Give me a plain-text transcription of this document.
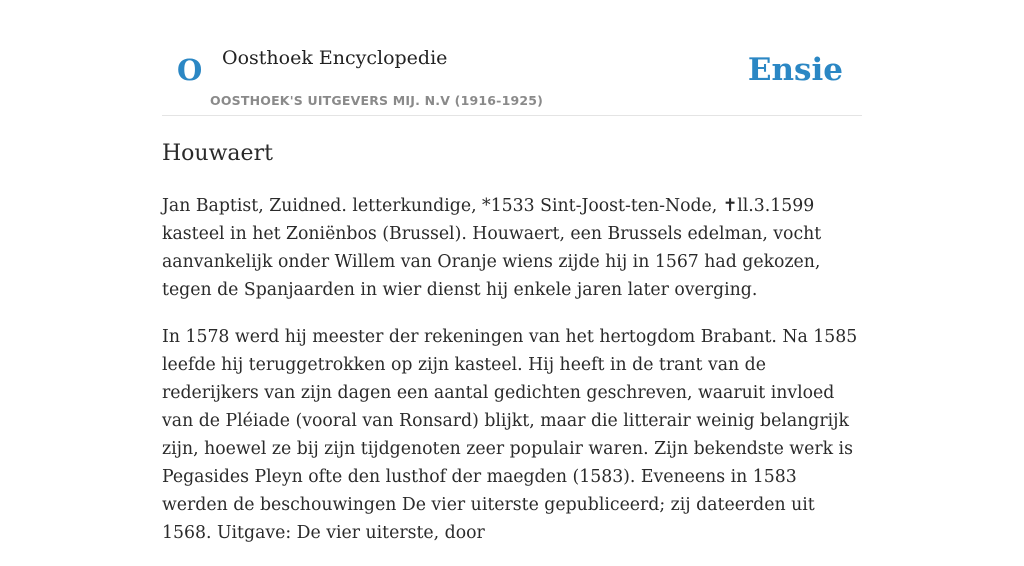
O Oosthoek Encyclopedie
OOSTHOEK'S UITGEVERS MIJ. N.V (1916-1925)
Ensie
Houwaert

Jan Baptist, Zuidned. letterkundige, *1533 Sint-Joost-ten-Node, ✝ll.3.1599 kasteel in het Zoniënbos (Brussel). Houwaert, een Brussels edelman, vocht aanvankelijk onder Willem van Oranje wiens zijde hij in 1567 had gekozen, tegen de Spanjaarden in wier dienst hij enkele jaren later overging.

In 1578 werd hij meester der rekeningen van het hertogdom Brabant. Na 1585 leefde hij teruggetrokken op zijn kasteel. Hij heeft in de trant van de rederijkers van zijn dagen een aantal gedichten geschreven, waaruit invloed van de Pléiade (vooral van Ronsard) blijkt, maar die litterair weinig belangrijk zijn, hoewel ze bij zijn tijdgenoten zeer populair waren. Zijn bekendste werk is Pegasides Pleyn ofte den lusthof der maegden (1583). Eveneens in 1583 werden de beschouwingen De vier uiterste gepubliceerd; zij dateerden uit 1568. Uitgave: De vier uiterste, door
